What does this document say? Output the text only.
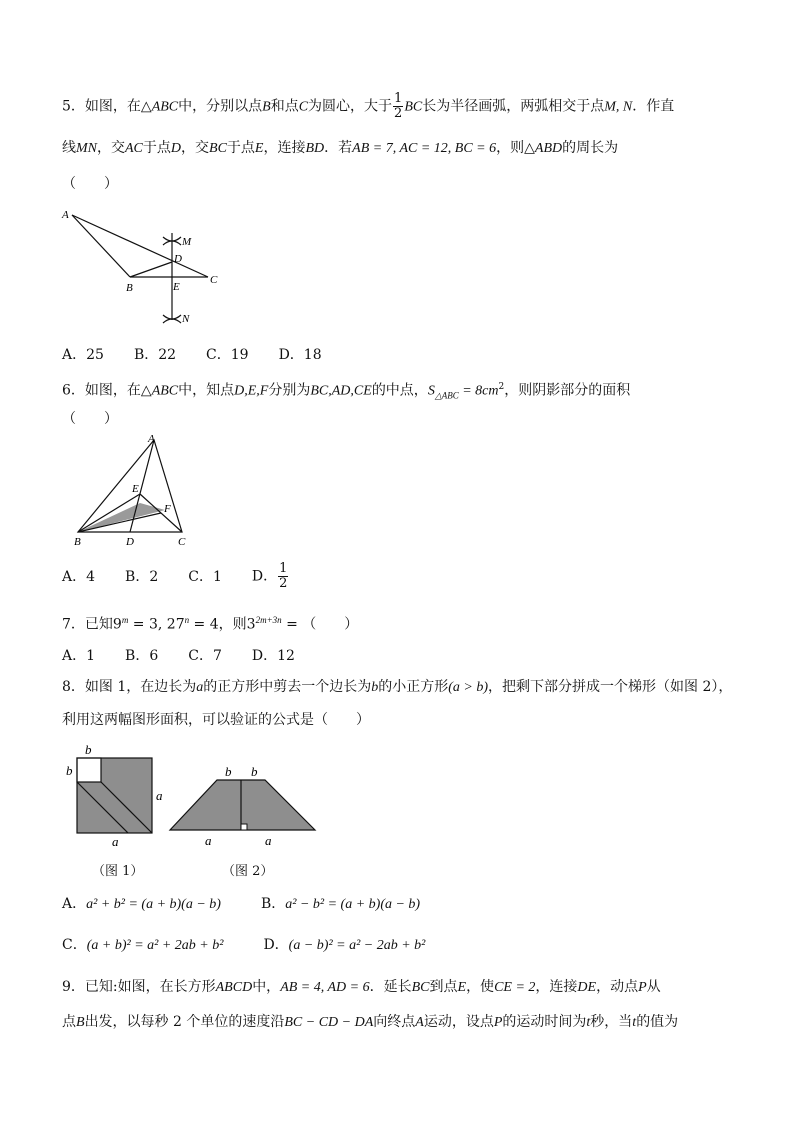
5．如图，在△ABC中，分别以点B和点C为圆心，大于 $\frac{1}{2}$ BC长为半径画弧，两弧相交于点M, N．作直
线MN，交AC于点D，交BC于点E，连接BD．若AB = 7, AC = 12, BC = 6，则△ABD的周长为
（　　）
A
B
C
D
E
M
N
A．25 B．22 C．19 D．18
6．如图，在△ABC中，知点D,E,F分别为BC,AD,CE的中点，$S_{\triangle ABC} = 8cm^2$，则阴影部分的面积
（　　）
A
B	C
D
E
F
A．4 B．2 C．1 D． $\frac{1}{2}$
7．已知$9^m = 3$, $27^n = 4$，则$3^{2m+3n}$ = （　　）
A．1 B．6 C．7 D．12
8．如图 1，在边长为a的正方形中剪去一个边长为b的小正方形(a > b)，把剩下部分拼成一个梯形（如图 2），
利用这两幅图形面积，可以验证的公式是（　　）
b
b
a
a
b b
a	a
（图 1）	（图 2）
A．a² + b² = (a + b)(a − b)	B．a² − b² = (a + b)(a − b)
C．(a + b)² = a² + 2ab + b²	D．(a − b)² = a² − 2ab + b²
9．已知:如图，在长方形ABCD中，AB = 4, AD = 6．延长BC到点E，使CE = 2，连接DE，动点P从
点B出发，以每秒 2 个单位的速度沿BC − CD − DA向终点A运动，设点P的运动时间为t秒，当t的值为
